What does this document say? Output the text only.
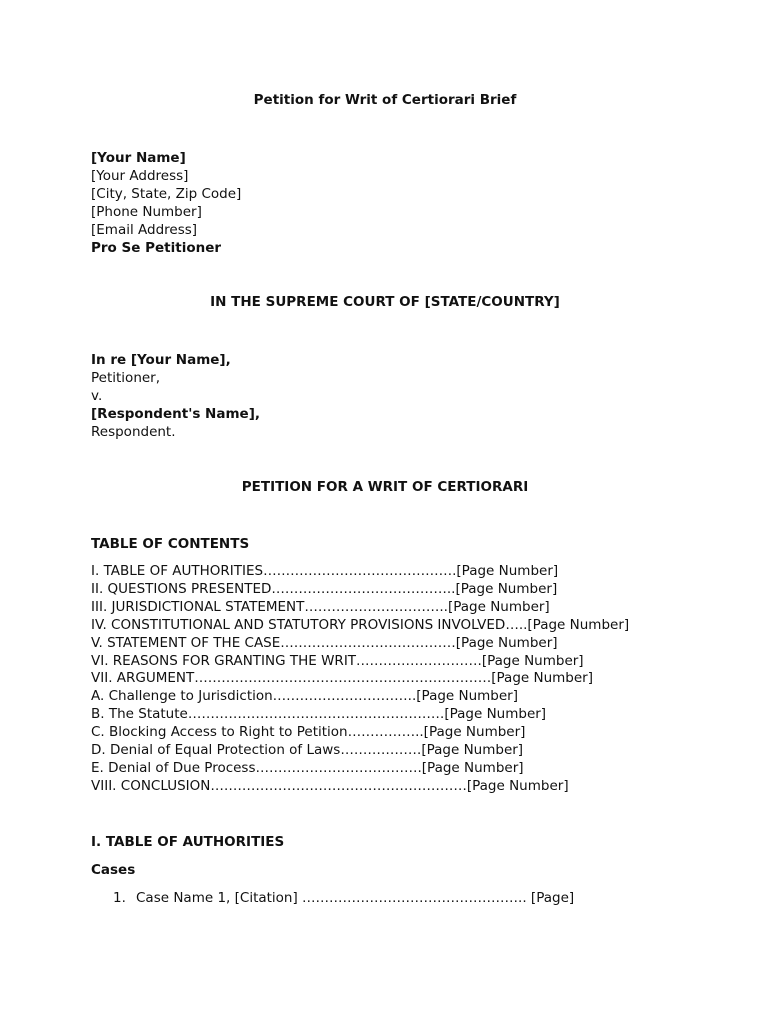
Petition for Writ of Certiorari Brief
[Your Name]
[Your Address]
[City, State, Zip Code]
[Phone Number]
[Email Address]
Pro Se Petitioner
IN THE SUPREME COURT OF [STATE/COUNTRY]
In re [Your Name],
Petitioner,
v.
[Respondent's Name],
Respondent.
PETITION FOR A WRIT OF CERTIORARI
TABLE OF CONTENTS
I. TABLE OF AUTHORITIES…………………………………….[Page Number]
II. QUESTIONS PRESENTED…………………………………..[Page Number]
III. JURISDICTIONAL STATEMENT…………………………..[Page Number]
IV. CONSTITUTIONAL AND STATUTORY PROVISIONS INVOLVED…..[Page Number]
V. STATEMENT OF THE CASE…………………………………[Page Number]
VI. REASONS FOR GRANTING THE WRIT……………………….[Page Number]
VII. ARGUMENT…………………………………………………………[Page Number]
A. Challenge to Jurisdiction…………………………..[Page Number]
B. The Statute…………………………………………………[Page Number]
C. Blocking Access to Right to Petition……………..[Page Number]
D. Denial of Equal Protection of Laws………………[Page Number]
E. Denial of Due Process……………………………….[Page Number]
VIII. CONCLUSION…………………………………………………[Page Number]
I. TABLE OF AUTHORITIES
Cases
1. Case Name 1, [Citation] ………………………………………….. [Page]
